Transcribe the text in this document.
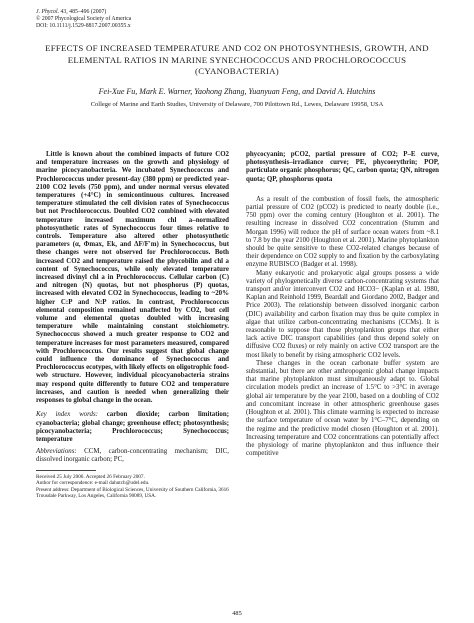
J. Phycol. 43, 485–496 (2007)
© 2007 Phycological Society of America
DOI: 10.1111/j.1529-8817.2007.00355.x
EFFECTS OF INCREASED TEMPERATURE AND CO2 ON PHOTOSYNTHESIS, GROWTH, AND ELEMENTAL RATIOS IN MARINE SYNECHOCOCCUS AND PROCHLOROCOCCUS (CYANOBACTERIA)
Fei-Xue Fu, Mark E. Warner, Yaohong Zhang, Yuanyuan Feng, and David A. Hutchins
College of Marine and Earth Studies, University of Delaware, 700 Pilottown Rd., Lewes, Delaware 19958, USA

Little is known about the combined impacts of future CO2 and temperature increases on the growth and physiology of marine picocyanobacteria. We incubated Synechococcus and Prochlorococcus under present-day (380 ppm) or predicted year-2100 CO2 levels (750 ppm), and under normal versus elevated temperatures (+4°C) in semicontinuous cultures. Increased temperature stimulated the cell division rates of Synechococcus but not Prochlorococcus. Doubled CO2 combined with elevated temperature increased maximum chl a–normalized photosynthetic rates of Synechococcus four times relative to controls. Temperature also altered other photosynthetic parameters (α, Φmax, Ek, and ΔF/F′m) in Synechococcus, but these changes were not observed for Prochlorococcus. Both increased CO2 and temperature raised the phycobilin and chl a content of Synechococcus, while only elevated temperature increased divinyl chl a in Prochlorococcus. Cellular carbon (C) and nitrogen (N) quotas, but not phosphorus (P) quotas, increased with elevated CO2 in Synechococcus, leading to ~20% higher C:P and N:P ratios. In contrast, Prochlorococcus elemental composition remained unaffected by CO2, but cell volume and elemental quotas doubled with increasing temperature while maintaining constant stoichiometry. Synechococcus showed a much greater response to CO2 and temperature increases for most parameters measured, compared with Prochlorococcus. Our results suggest that global change could influence the dominance of Synechococcus and Prochlorococcus ecotypes, with likely effects on oligotrophic food-web structure. However, individual picocyanobacteria strains may respond quite differently to future CO2 and temperature increases, and caution is needed when generalizing their responses to global change in the ocean.

Key index words: carbon dioxide; carbon limitation; cyanobacteria; global change; greenhouse effect; photosynthesis; picocyanobacteria; Prochlorococcus; Synechococcus; temperature

Abbreviations: CCM, carbon-concentrating mechanism; DIC, dissolved inorganic carbon; PC,

Received 25 July 2006. Accepted 26 February 2007.

Author for correspondence: e-mail dahutch@udel.edu.

Present address: Department of Biological Sciences, University of Southern California, 3616 Trousdale Parkway, Los Angeles, California 90089, USA.

phycocyanin; pCO2, partial pressure of CO2; P–E curve, photosynthesis–irradiance curve; PE, phycoerythrin; POP, particulate organic phosphorus; QC, carbon quota; QN, nitrogen quota; QP, phosphorus quota

As a result of the combustion of fossil fuels, the atmospheric partial pressure of CO2 (pCO2) is predicted to nearly double (i.e., 750 ppm) over the coming century (Houghton et al. 2001). The resulting increase in dissolved CO2 concentration (Stumm and Morgan 1996) will reduce the pH of surface ocean waters from ~8.1 to 7.8 by the year 2100 (Houghton et al. 2001). Marine phytoplankton should be quite sensitive to these CO2-related changes because of their dependence on CO2 supply to and fixation by the carboxylating enzyme RUBISCO (Badger et al. 1998).

Many eukaryotic and prokaryotic algal groups possess a wide variety of phylogenetically diverse carbon-concentrating systems that transport and/or interconvert CO2 and HCO3− (Kaplan et al. 1980, Kaplan and Reinhold 1999, Beardall and Giordano 2002, Badger and Price 2003). The relationship between dissolved inorganic carbon (DIC) availability and carbon fixation may thus be quite complex in algae that utilize carbon-concentrating mechanisms (CCMs). It is reasonable to suppose that those phytoplankton groups that either lack active DIC transport capabilities (and thus depend solely on diffusive CO2 fluxes) or rely mainly on active CO2 transport are the most likely to benefit by rising atmospheric CO2 levels.

These changes in the ocean carbonate buffer system are substantial, but there are other anthropogenic global change impacts that marine phytoplankton must simultaneously adapt to. Global circulation models predict an increase of 1.5°C to >3°C in average global air temperature by the year 2100, based on a doubling of CO2 and concomitant increase in other atmospheric greenhouse gases (Houghton et al. 2001). This climate warming is expected to increase the surface temperature of ocean water by 1°C–7°C, depending on the regime and the predictive model chosen (Houghton et al. 2001). Increasing temperature and CO2 concentrations can potentially affect the physiology of marine phytoplankton and thus influence their competitive

485
